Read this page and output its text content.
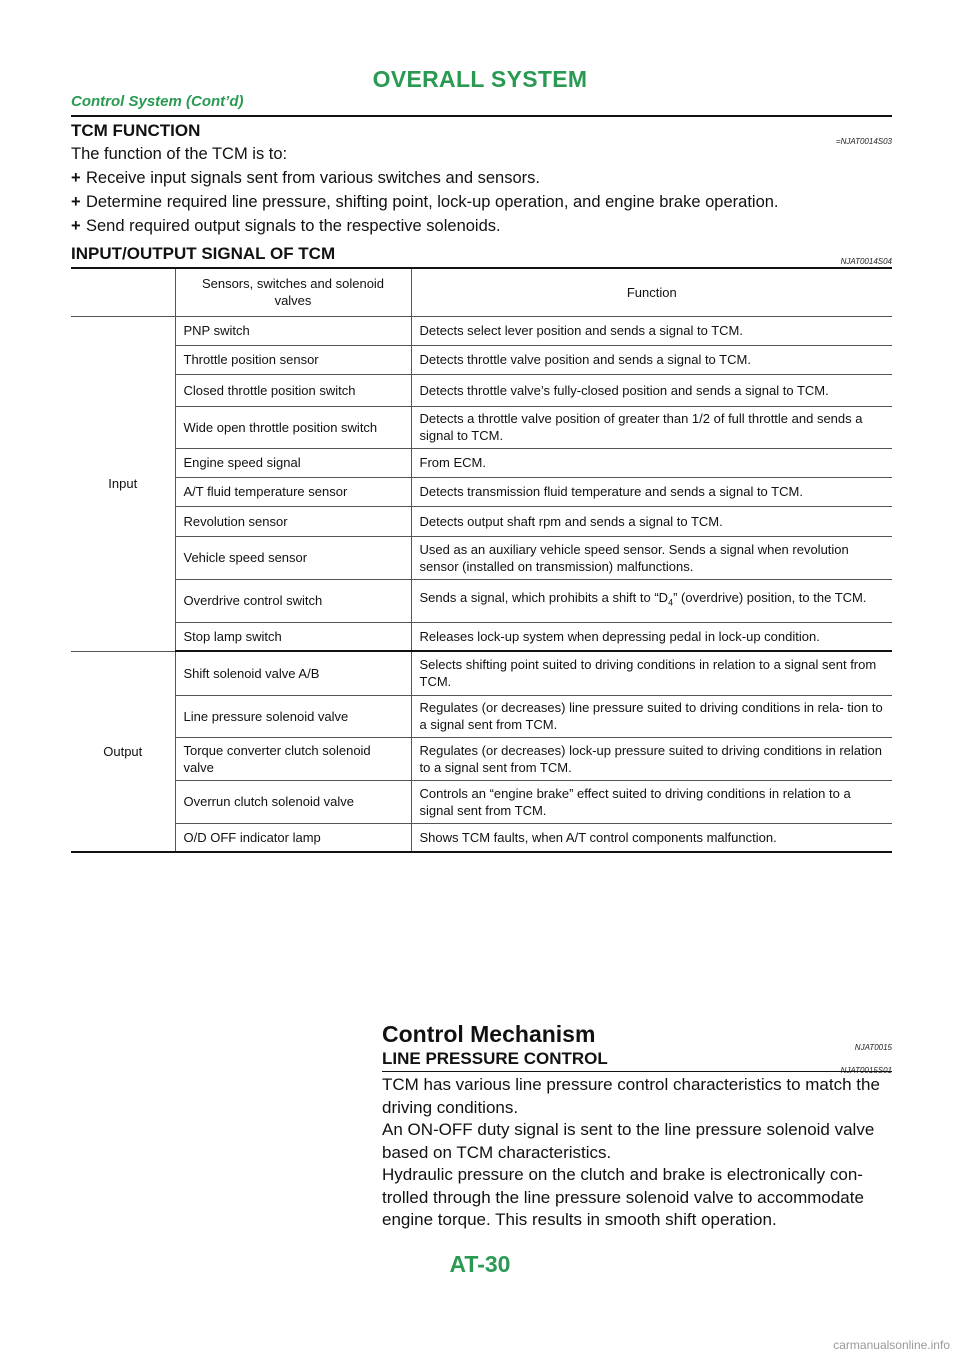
OVERALL SYSTEM
Control System (Cont’d)
TCM FUNCTION
=NJAT0014S03
The function of the TCM is to:
+ Receive input signals sent from various switches and sensors.
+ Determine required line pressure, shifting point, lock-up operation, and engine brake operation.
+ Send required output signals to the respective solenoids.
INPUT/OUTPUT SIGNAL OF TCM	NJAT0014S04
	Sensors, switches and solenoid valves	Function
Input	PNP switch	Detects select lever position and sends a signal to TCM.
	Throttle position sensor	Detects throttle valve position and sends a signal to TCM.
	Closed throttle position switch	Detects throttle valve’s fully-closed position and sends a signal to TCM.
	Wide open throttle position switch	Detects a throttle valve position of greater than 1/2 of full throttle and sends a signal to TCM.
	Engine speed signal	From ECM.
	A/T fluid temperature sensor	Detects transmission fluid temperature and sends a signal to TCM.
	Revolution sensor	Detects output shaft rpm and sends a signal to TCM.
	Vehicle speed sensor	Used as an auxiliary vehicle speed sensor. Sends a signal when revolution sensor (installed on transmission) malfunctions.
	Overdrive control switch	Sends a signal, which prohibits a shift to “$D_4$” (overdrive) position, to the TCM.
	Stop lamp switch	Releases lock-up system when depressing pedal in lock-up condition.
Output	Shift solenoid valve A/B	Selects shifting point suited to driving conditions in relation to a signal sent from TCM.
	Line pressure solenoid valve	Regulates (or decreases) line pressure suited to driving conditions in rela- tion to a signal sent from TCM.
	Torque converter clutch solenoid valve	Regulates (or decreases) lock-up pressure suited to driving conditions in relation to a signal sent from TCM.
	Overrun clutch solenoid valve	Controls an “engine brake” effect suited to driving conditions in relation to a signal sent from TCM.
	O/D OFF indicator lamp	Shows TCM faults, when A/T control components malfunction.
Control Mechanism
NJAT0015
LINE PRESSURE CONTROL
NJAT0015S01
TCM has various line pressure control characteristics to match the
driving conditions.
An ON-OFF duty signal is sent to the line pressure solenoid valve
based on TCM characteristics.
Hydraulic pressure on the clutch and brake is electronically con-
trolled through the line pressure solenoid valve to accommodate
engine torque. This results in smooth shift operation.
AT-30
carmanualsonline.info
